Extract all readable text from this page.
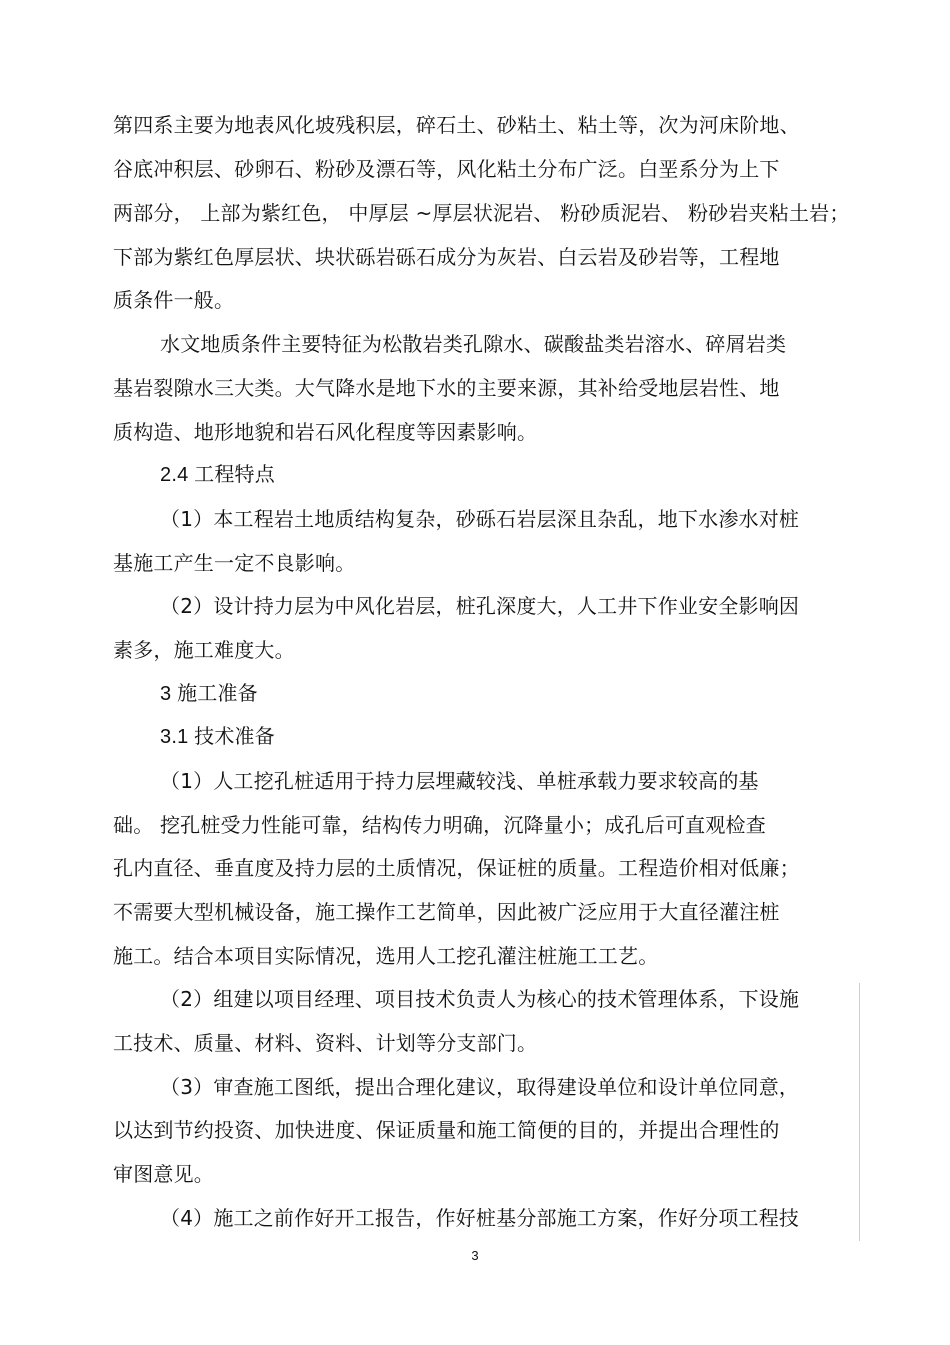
第四系主要为地表风化坡残积层，碎石土、砂粘土、粘土等，次为河床阶地、
谷底冲积层、砂卵石、粉砂及漂石等，风化粘土分布广泛。白垩系分为上下
两部分， 上部为紫红色， 中厚层 ~厚层状泥岩、 粉砂质泥岩、 粉砂岩夹粘土岩；
下部为紫红色厚层状、块状砾岩砾石成分为灰岩、白云岩及砂岩等，工程地
质条件一般。
水文地质条件主要特征为松散岩类孔隙水、碳酸盐类岩溶水、碎屑岩类
基岩裂隙水三大类。大气降水是地下水的主要来源，其补给受地层岩性、地
质构造、地形地貌和岩石风化程度等因素影响。
2.4 工程特点
（1）本工程岩土地质结构复杂，砂砾石岩层深且杂乱，地下水渗水对桩
基施工产生一定不良影响。
（2）设计持力层为中风化岩层，桩孔深度大，人工井下作业安全影响因
素多，施工难度大。
3 施工准备
3.1 技术准备
（1）人工挖孔桩适用于持力层埋藏较浅、单桩承载力要求较高的基
础。 挖孔桩受力性能可靠，结构传力明确，沉降量小；成孔后可直观检查
孔内直径、垂直度及持力层的土质情况，保证桩的质量。工程造价相对低廉；
不需要大型机械设备，施工操作工艺简单，因此被广泛应用于大直径灌注桩
施工。结合本项目实际情况，选用人工挖孔灌注桩施工工艺。
（2）组建以项目经理、项目技术负责人为核心的技术管理体系，下设施
工技术、质量、材料、资料、计划等分支部门。
（3）审查施工图纸，提出合理化建议，取得建设单位和设计单位同意，
以达到节约投资、加快进度、保证质量和施工简便的目的，并提出合理性的
审图意见。
（4）施工之前作好开工报告，作好桩基分部施工方案，作好分项工程技
3
